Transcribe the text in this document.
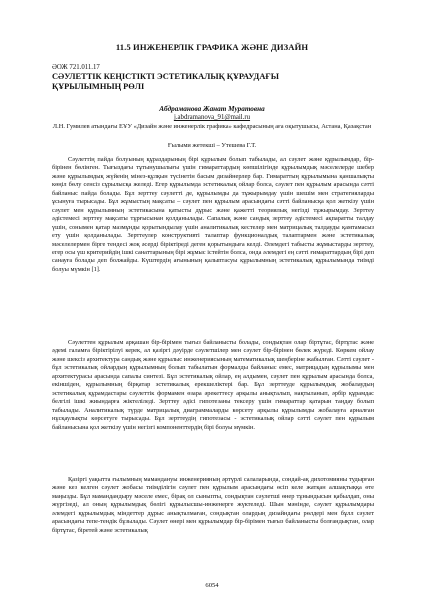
11.5 ИНЖЕНЕРЛІК ГРАФИКА ЖӘНЕ ДИЗАЙН
ӘОЖ 721.011.17
СӘУЛЕТТІК КЕҢІСТІКТІ ЭСТЕТИКАЛЫҚ ҚҰРАУДАҒЫ
ҚҰРЫЛЫМНЫҢ РӨЛІ
Абдраманова Жанат Муратовна
j.abdramanova_91@mail.ru
Л.Н. Гумилев атындағы ЕҰУ «Дизайн және инженерлік графика» кафедрасының аға оқытушысы, Астана, Қазақстан
Ғылыми жетекші – Утешева Г.Т.

Сәулеттің пайда болуының құраздарының бірі құрылым болып табылады, ал сәулет және құрылымдар, бір-бірінен бөлінген. Тығыздағы тұтынушылығы үшін гимараттардың көпшілігінде құрылымдық мәселелерде шебер және құрылымдық жүйенің мінез-құлқын түсінетін басым дизайнерлер бар. Гимараттың құрылымына қаншалықты көңіл бөлу сенсіз сұрылысқа желеді. Егер құрылымда эстетикалық ойлар болса, сәулет пен құрылым арасында сәтті байланыс пайда болады. Бұл зерттеу сәулетті де, құрылымды да тұжырымдау үшін шешім мен стратегияларды ұсынуға тырысады. Бұл жұмыстың мақсаты – сәулет пен құрылым арасындағы сәтті байланысқа қол жеткізу үшін сәулет мен құрылымның эстетикасына қатысты дұрыс және қажетті теориялық негізді тұжырымдау. Зерттеу әдістемесі зерттеу мақсаты тұрғысынан қолданылады. Сапалық және сандық зерттеу әдістемесі ақпаратты талдау үшін, сонымен қатар мазмұнды қорытындылау үшін аналитикалық кестелер мен матрицалық талдауды қамтамасыз ету үшін қолданылады. Зерттеулер конструктивті талаптар функционалдық талаптармен және эстетикалық мәселелермен бірге тендесі жоқ әсерді біріктіреді деген қорытындыға келді. Әлемдегі табысты жұмыстарды зерттеу, егер осы үш критерийдің ішкі санаттарының бірі жұмыс істейтін болса, онда әлемдегі ең сәтті ғимараттардың бірі деп санауға болады деп болжайды. Күштердің ағынының қалыптасуы құрылымның эстетикалық құрылымында тиімді болуы мүмкін [1].

Сәулеттен құрылым арқашан бір-бірімен тығыз байланысты болады, сондықтан олар біртұтас, біртұтас және әдемі галамға біріктірілуі керек, ал қазіргі дәуірде сәулетшілер мен сәулет бір-бірінен бөлек жүреді. Көркем ойлау және шексіз архитектура сандық және құрылыс инженериясының математикалық шеңберіне жабылған. Сәтті сәулет - бұл эстетикалық ойлардың құрылымның болып табылатын формалды байланыс емес, матрицадың құрылымы мен архитектурасы арасында сапалы синтезі. Бұл эстетикалық ойлар, ең алдымен, сәулет пен құрылым арасында болса, екіншіден, құрылымның бірқатар эстетикалық ерекшеліктері бар. Бұл зерттеуде құрылымдық жобалаудың эстетикалық құрамдастары сәулеттік формамен өзара әрекеттесу арқылы анықталып, нақтыланып, әрбір құрамдас белгілі ішкі жиындарға жіктеліледі. Зерттеу әдісі гипотезаны тексеру үшін гимараттар қатарын таңдау болып табылады. Аналитикалық түрде матрицалық диаграммаларды көрсету арқылы құрылымды жобалауға арналған нұсқаулықты көрсетуге тырысады. Бұл зерттеудің гипотезасы - эстетикалық ойлар сәтті сәулет пен құрылым байланысына қол жеткізу үшін негізгі компоненттердің бірі болуы мүмкін.

Қазіргі уақытта ғылымның мамандануы инженерияның әртүрлі салаларында, сондай-ақ дихотомияны тудырған және кез келген сәулет жобасы тиімділігін сәулет пен құрылым арасындағы өсіп келе жатқан алшақтыққа өте маңызды. Бұл мамандандыру мәселе емес, бірақ ол сыныпты, сондықтан сәулетші өнер тұнындысын қабылдап, оны жүргізеді, ал оның құрылымдық бөлігі құрылысшы-инженерге жүктеледі. Шын мәнінде, сәулет құрылымдары әлемдегі құрылымдық міндеттер дұрыс анықталмаған, сондықтан олардың дизайндағы рөлдері мен бұлл сәулет арасындағы тепе-тендік бұзылады. Сәулет өнері мен құрылымдар бір-бірімен тығыз байланысты болғандықтан, олар біртұтас, біретей және эстетикалық

6054
